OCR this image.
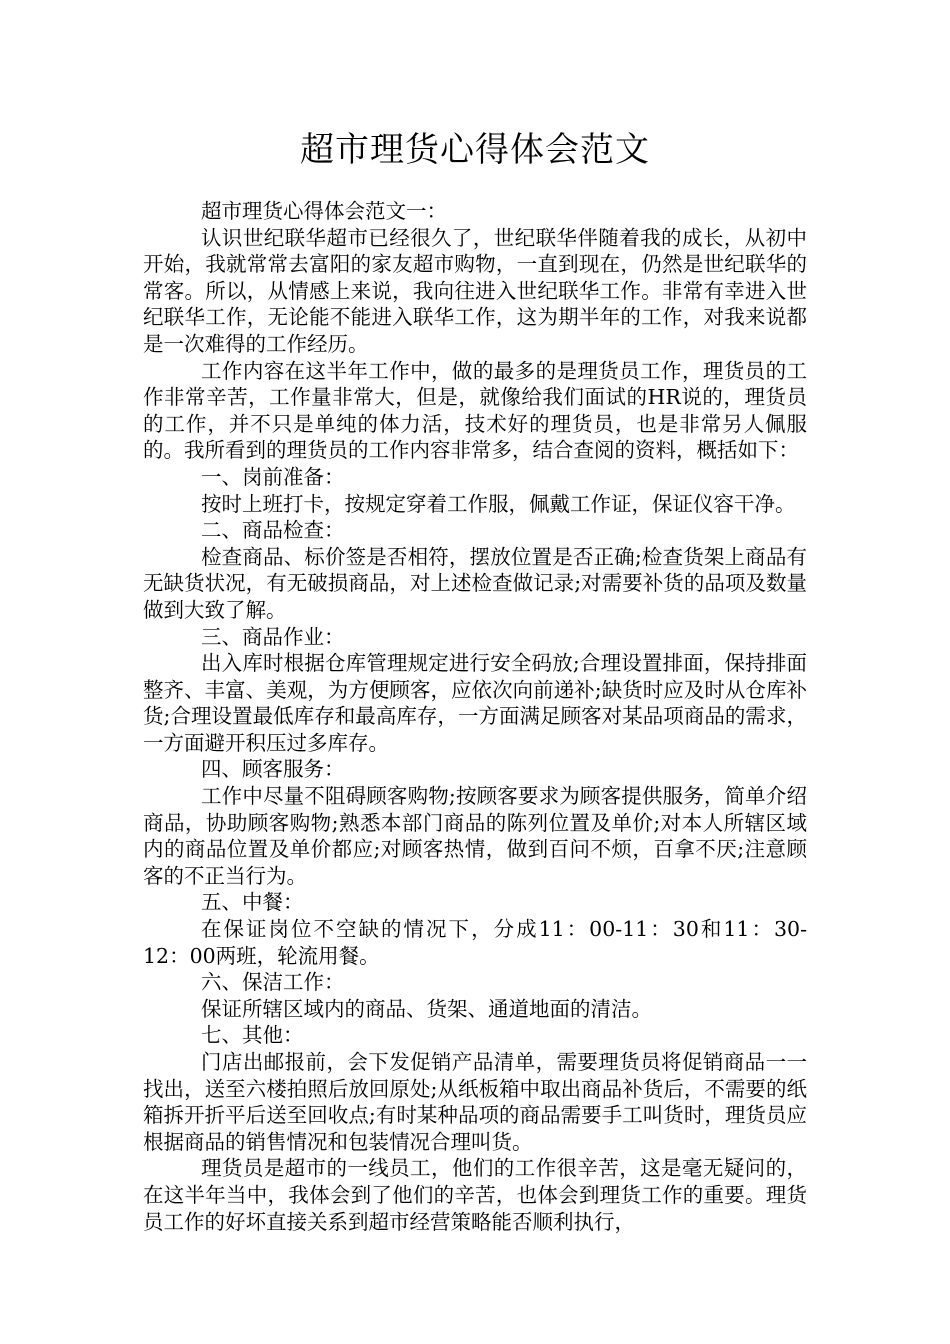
超市理货心得体会范文

超市理货心得体会范文一：

认识世纪联华超市已经很久了，世纪联华伴随着我的成长，从初中开始，我就常常去富阳的家友超市购物，一直到现在，仍然是世纪联华的常客。所以，从情感上来说，我向往进入世纪联华工作。非常有幸进入世纪联华工作，无论能不能进入联华工作，这为期半年的工作，对我来说都是一次难得的工作经历。

工作内容在这半年工作中，做的最多的是理货员工作，理货员的工作非常辛苦，工作量非常大，但是，就像给我们面试的HR说的，理货员的工作，并不只是单纯的体力活，技术好的理货员，也是非常另人佩服的。我所看到的理货员的工作内容非常多，结合查阅的资料，概括如下：

一、岗前准备：

按时上班打卡，按规定穿着工作服，佩戴工作证，保证仪容干净。

二、商品检查：

检查商品、标价签是否相符，摆放位置是否正确;检查货架上商品有无缺货状况，有无破损商品，对上述检查做记录;对需要补货的品项及数量做到大致了解。

三、商品作业：

出入库时根据仓库管理规定进行安全码放;合理设置排面，保持排面整齐、丰富、美观，为方便顾客，应依次向前递补;缺货时应及时从仓库补货;合理设置最低库存和最高库存，一方面满足顾客对某品项商品的需求，一方面避开积压过多库存。

四、顾客服务：

工作中尽量不阻碍顾客购物;按顾客要求为顾客提供服务，简单介绍商品，协助顾客购物;熟悉本部门商品的陈列位置及单价;对本人所辖区域内的商品位置及单价都应;对顾客热情，做到百问不烦，百拿不厌;注意顾客的不正当行为。

五、中餐：

在保证岗位不空缺的情况下，分成11：00-11：30和11：30-12：00两班，轮流用餐。

六、保洁工作：

保证所辖区域内的商品、货架、通道地面的清洁。

七、其他：

门店出邮报前，会下发促销产品清单，需要理货员将促销商品一一找出，送至六楼拍照后放回原处;从纸板箱中取出商品补货后，不需要的纸箱拆开折平后送至回收点;有时某种品项的商品需要手工叫货时，理货员应根据商品的销售情况和包装情况合理叫货。

理货员是超市的一线员工，他们的工作很辛苦，这是毫无疑问的，在这半年当中，我体会到了他们的辛苦，也体会到理货工作的重要。理货员工作的好坏直接关系到超市经营策略能否顺利执行，
